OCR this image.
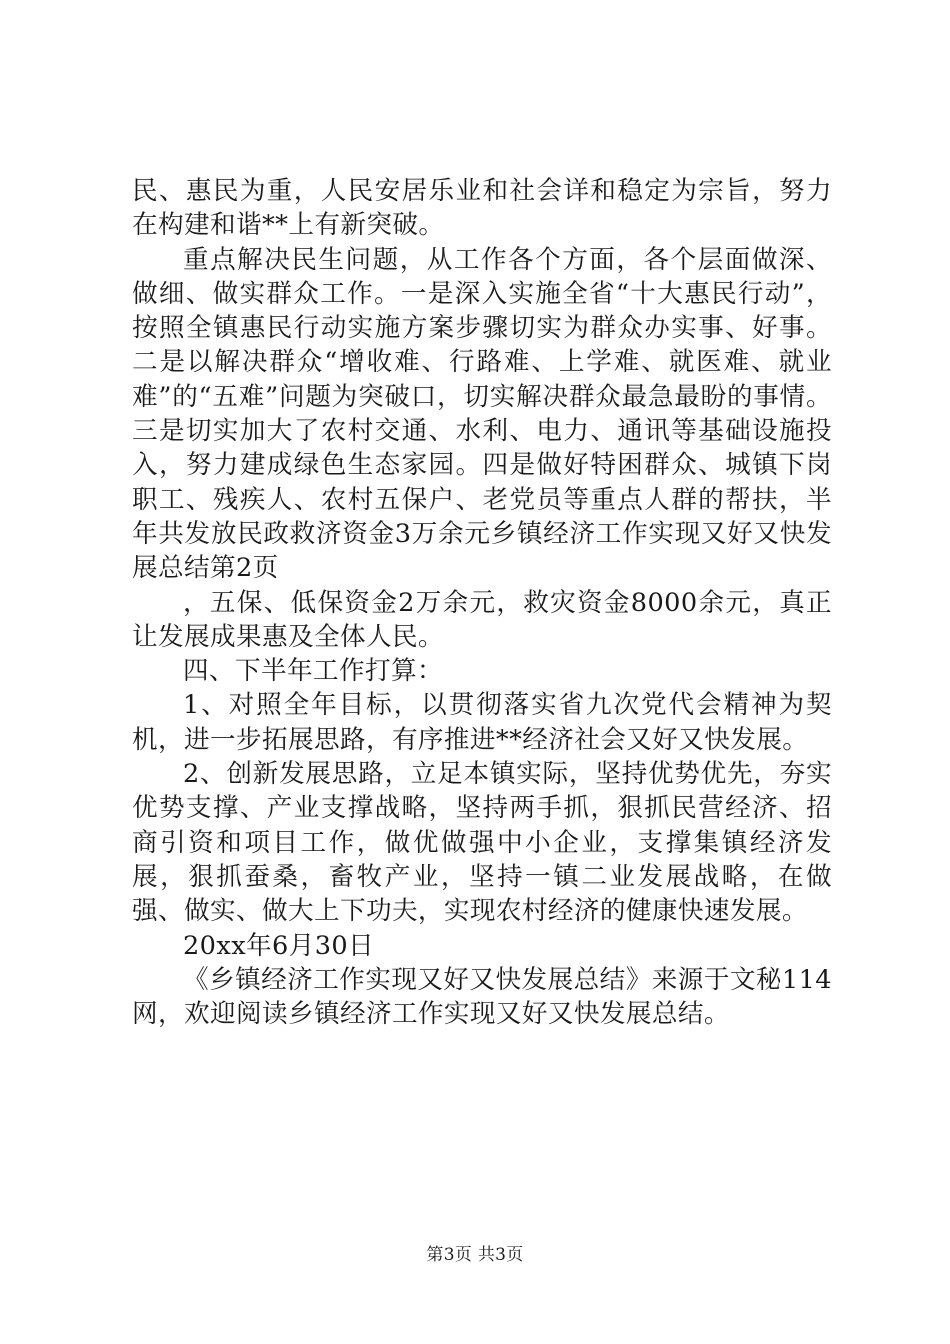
民、惠民为重，人民安居乐业和社会详和稳定为宗旨，努力在构建和谐**上有新突破。

重点解决民生问题，从工作各个方面，各个层面做深、做细、做实群众工作。一是深入实施全省“十大惠民行动”，按照全镇惠民行动实施方案步骤切实为群众办实事、好事。二是以解决群众“增收难、行路难、上学难、就医难、就业难”的“五难”问题为突破口，切实解决群众最急最盼的事情。三是切实加大了农村交通、水利、电力、通讯等基础设施投入，努力建成绿色生态家园。四是做好特困群众、城镇下岗职工、残疾人、农村五保户、老党员等重点人群的帮扶，半年共发放民政救济资金3万余元乡镇经济工作实现又好又快发展总结第2页

，五保、低保资金2万余元，救灾资金8000余元，真正让发展成果惠及全体人民。

四、下半年工作打算：

1、对照全年目标，以贯彻落实省九次党代会精神为契机，进一步拓展思路，有序推进**经济社会又好又快发展。

2、创新发展思路，立足本镇实际，坚持优势优先，夯实优势支撑、产业支撑战略，坚持两手抓，狠抓民营经济、招商引资和项目工作，做优做强中小企业，支撑集镇经济发展，狠抓蚕桑，畜牧产业，坚持一镇二业发展战略，在做强、做实、做大上下功夫，实现农村经济的健康快速发展。

20xx年6月30日

《乡镇经济工作实现又好又快发展总结》来源于文秘114网，欢迎阅读乡镇经济工作实现又好又快发展总结。

第3页 共3页
